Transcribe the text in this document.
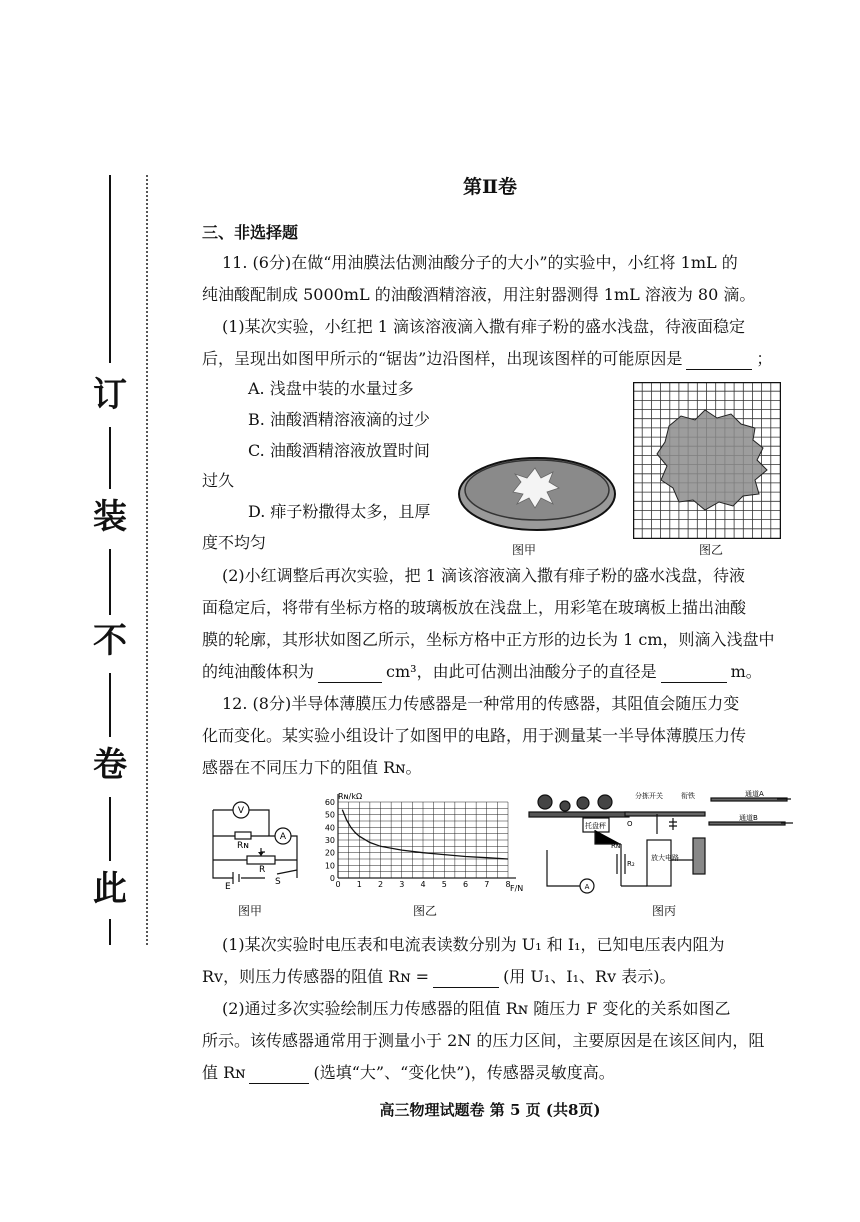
订
装
不
卷
此
第Ⅱ卷
三、非选择题
11. (6分)在做“用油膜法估测油酸分子的大小”的实验中，小红将 1mL 的
纯油酸配制成 5000mL 的油酸酒精溶液，用注射器测得 1mL 溶液为 80 滴。
(1)某次实验，小红把 1 滴该溶液滴入撒有痱子粉的盛水浅盘，待液面稳定
后，呈现出如图甲所示的“锯齿”边沿图样，出现该图样的可能原因是	；
A. 浅盘中装的水量过多
B. 油酸酒精溶液滴的过少
C. 油酸酒精溶液放置时间
过久
D. 痱子粉撒得太多，且厚
度不均匀	图甲	图乙
(2)小红调整后再次实验，把 1 滴该溶液滴入撒有痱子粉的盛水浅盘，待液
面稳定后，将带有坐标方格的玻璃板放在浅盘上，用彩笔在玻璃板上描出油酸
膜的轮廓，其形状如图乙所示，坐标方格中正方形的边长为 1 cm，则滴入浅盘中
的纯油酸体积为	cm³，由此可估测出油酸分子的直径是	m。
12. (8分)半导体薄膜压力传感器是一种常用的传感器，其阻值会随压力变
化而变化。某实验小组设计了如图甲的电路，用于测量某一半导体薄膜压力传
感器在不同压力下的阻值 Rɴ。
V
A
Rɴ
R
E	S
图甲
0 1 2 3 4 5 6 7 8
0
10
20
30
40
50
60
Rɴ/kΩ
F/N
图乙
分拣开关	衔铁	通道A
通道B
托盘秤	O
Rɴ
R₂
放大电路
A
图丙
(1)某次实验时电压表和电流表读数分别为 U₁ 和 I₁，已知电压表内阻为
Rᴠ，则压力传感器的阻值 Rɴ =	(用 U₁、I₁、Rᴠ 表示)。
(2)通过多次实验绘制压力传感器的阻值 Rɴ 随压力 F 变化的关系如图乙
所示。该传感器通常用于测量小于 2N 的压力区间，主要原因是在该区间内，阻
值 Rɴ	(选填“大”、“变化快”)，传感器灵敏度高。
高三物理试题卷 第 5 页 (共8页)
